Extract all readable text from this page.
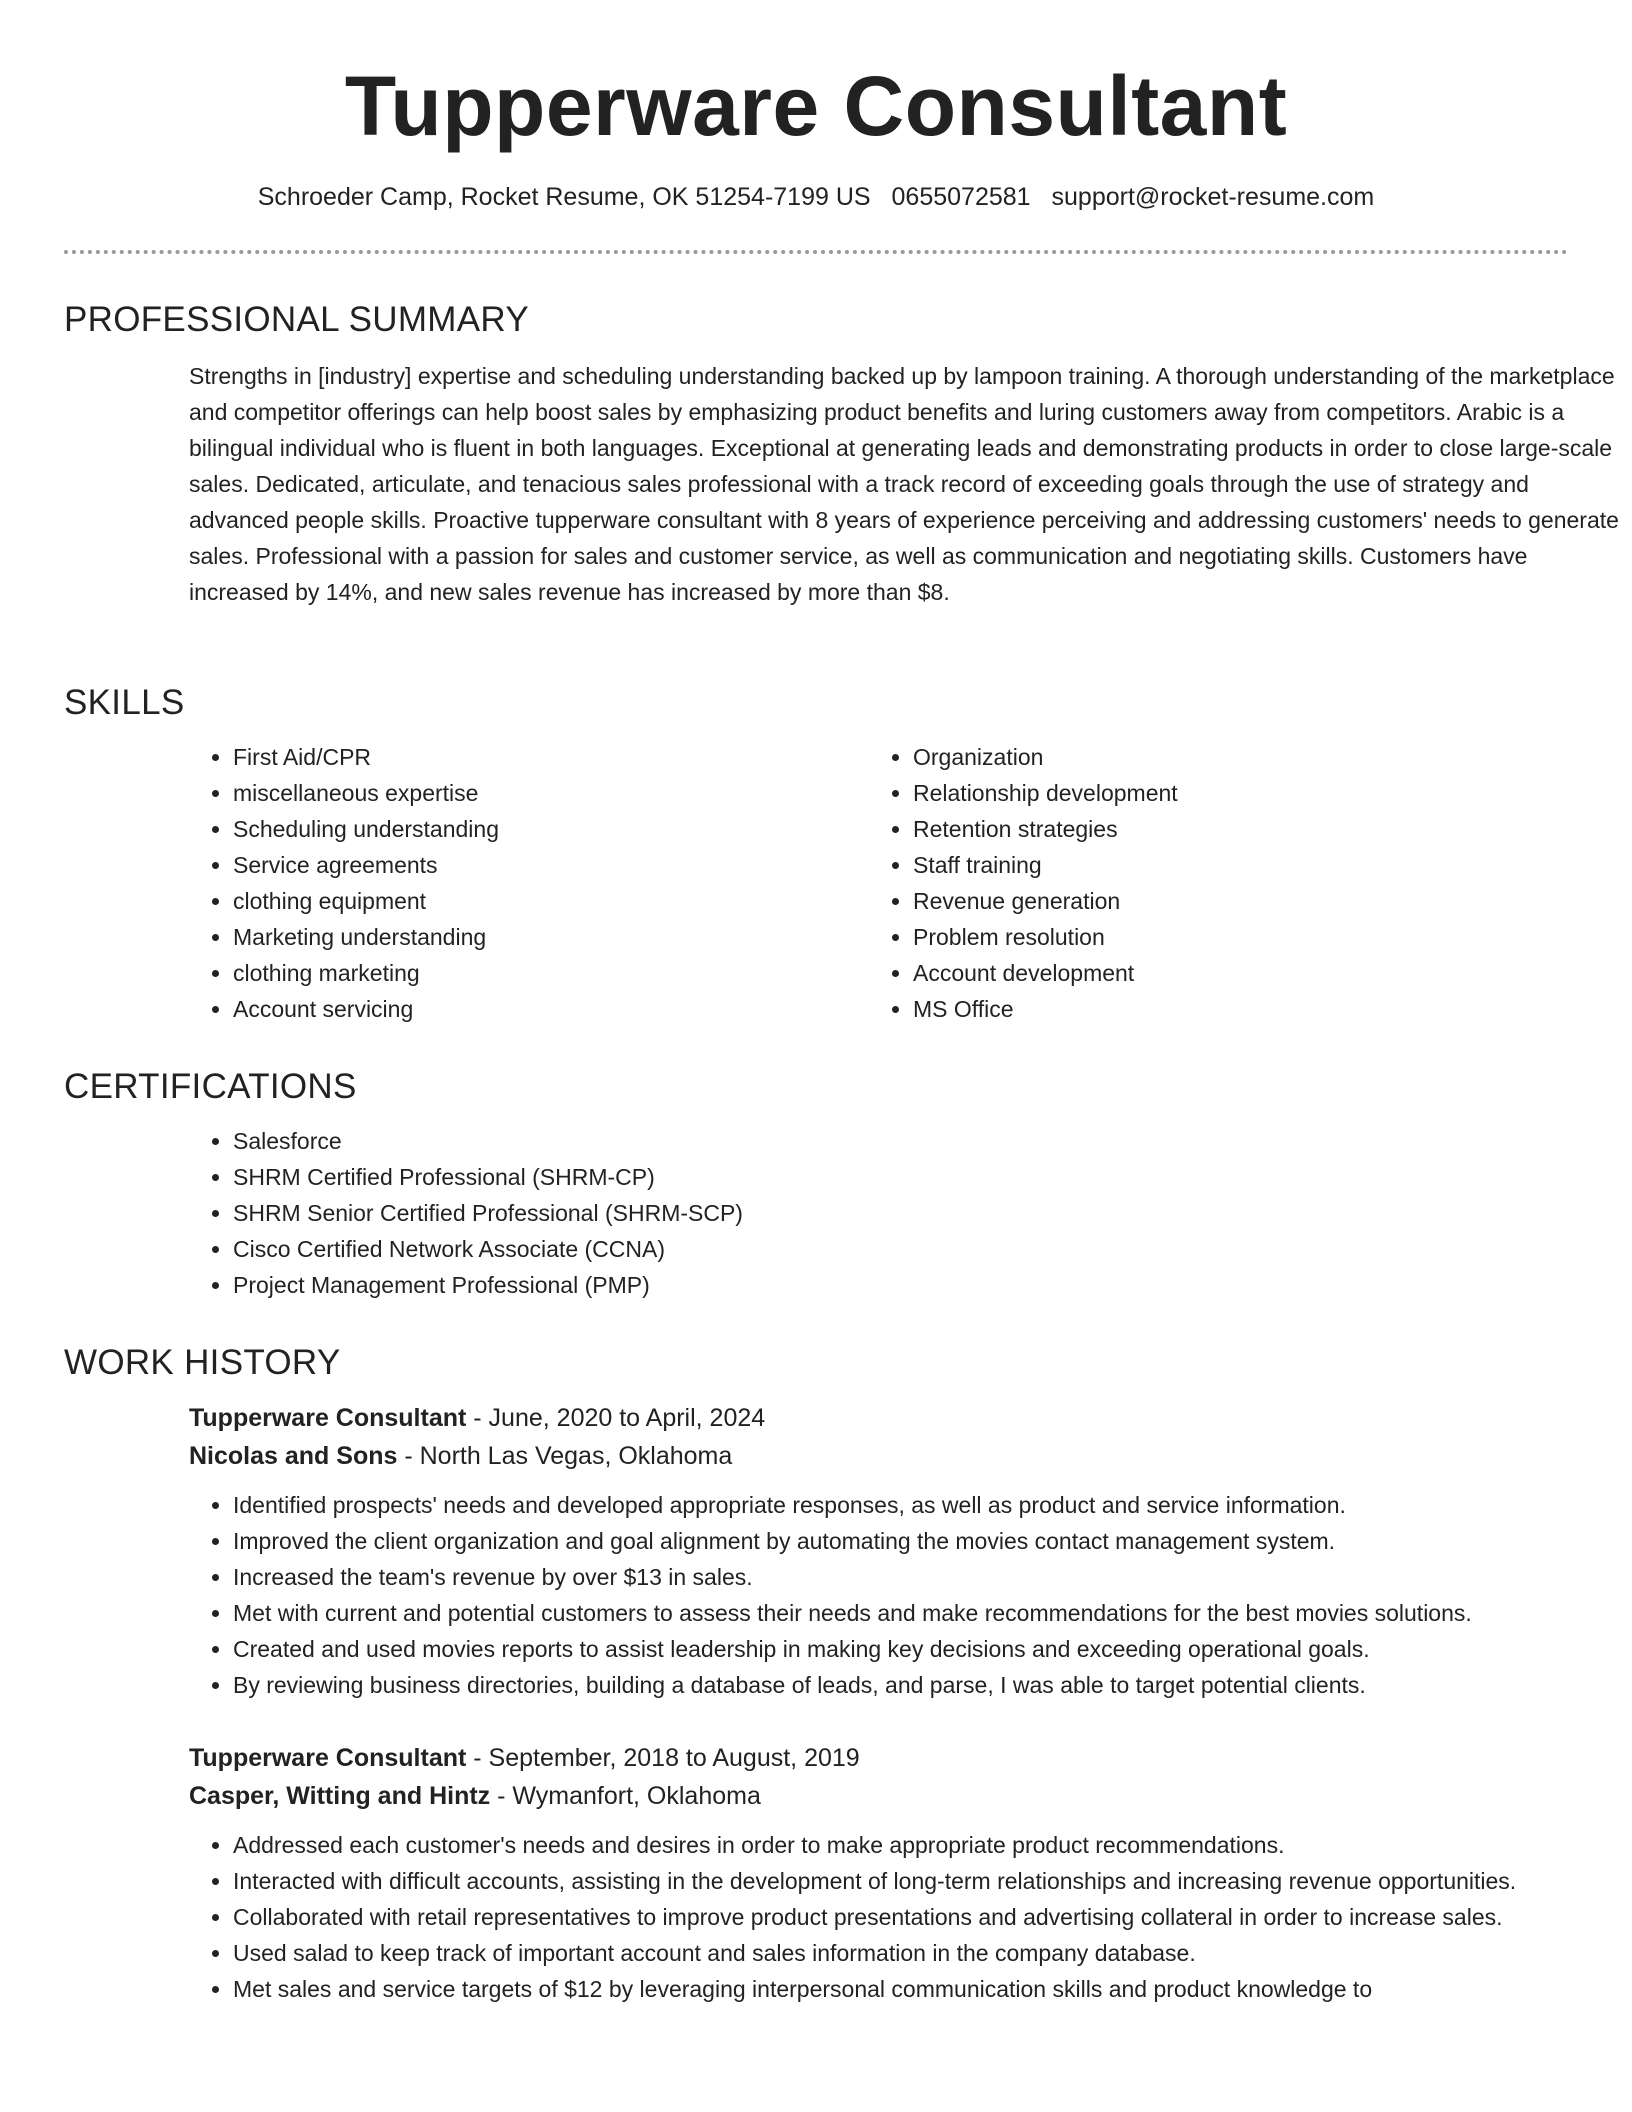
Tupperware Consultant
Schroeder Camp, Rocket Resume, OK 51254-7199 US 0655072581 support@rocket-resume.com
PROFESSIONAL SUMMARY
Strengths in [industry] expertise and scheduling understanding backed up by lampoon training. A thorough understanding of the marketplace and competitor offerings can help boost sales by emphasizing product benefits and luring customers away from competitors. Arabic is a bilingual individual who is fluent in both languages. Exceptional at generating leads and demonstrating products in order to close large-scale sales. Dedicated, articulate, and tenacious sales professional with a track record of exceeding goals through the use of strategy and advanced people skills. Proactive tupperware consultant with 8 years of experience perceiving and addressing customers' needs to generate sales. Professional with a passion for sales and customer service, as well as communication and negotiating skills. Customers have increased by 14%, and new sales revenue has increased by more than $8.
SKILLS
• First Aid/CPR
• miscellaneous expertise
• Scheduling understanding
• Service agreements
• clothing equipment
• Marketing understanding
• clothing marketing
• Account servicing
• Organization
• Relationship development
• Retention strategies
• Staff training
• Revenue generation
• Problem resolution
• Account development
• MS Office
CERTIFICATIONS
• Salesforce
• SHRM Certified Professional (SHRM-CP)
• SHRM Senior Certified Professional (SHRM-SCP)
• Cisco Certified Network Associate (CCNA)
• Project Management Professional (PMP)
WORK HISTORY
Tupperware Consultant - June, 2020 to April, 2024
Nicolas and Sons - North Las Vegas, Oklahoma
• Identified prospects' needs and developed appropriate responses, as well as product and service information.
• Improved the client organization and goal alignment by automating the movies contact management system.
• Increased the team's revenue by over $13 in sales.
• Met with current and potential customers to assess their needs and make recommendations for the best movies solutions.
• Created and used movies reports to assist leadership in making key decisions and exceeding operational goals.
• By reviewing business directories, building a database of leads, and parse, I was able to target potential clients.
Tupperware Consultant - September, 2018 to August, 2019
Casper, Witting and Hintz - Wymanfort, Oklahoma
• Addressed each customer's needs and desires in order to make appropriate product recommendations.
• Interacted with difficult accounts, assisting in the development of long-term relationships and increasing revenue opportunities.
• Collaborated with retail representatives to improve product presentations and advertising collateral in order to increase sales.
• Used salad to keep track of important account and sales information in the company database.
• Met sales and service targets of $12 by leveraging interpersonal communication skills and product knowledge to
